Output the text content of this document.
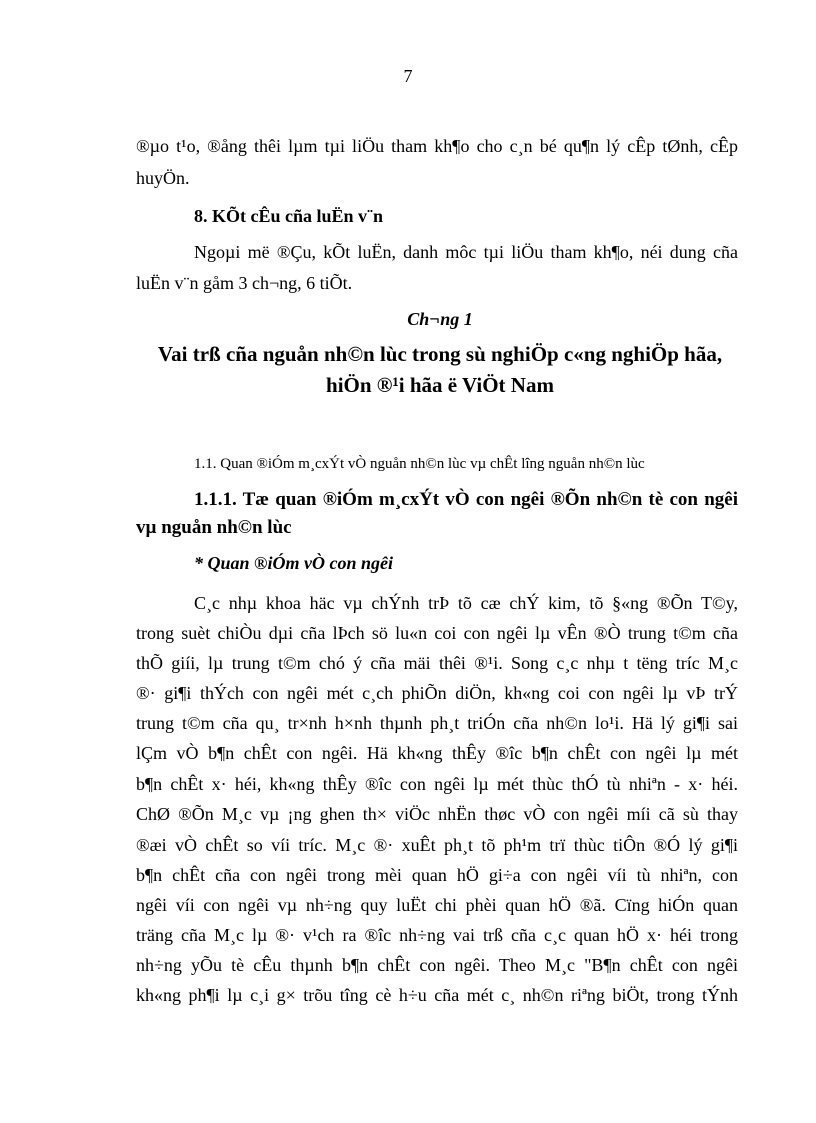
7
®µo t¹o, ®ång thêi lµm tµi liÖu tham kh¶o cho c¸n bé qu¶n lý cÊp tØnh, cÊp
huyÖn.
8. KÕt cÊu cña luËn v¨n
Ngoµi më ®Çu, kÕt luËn, danh môc tµi liÖu tham kh¶o, néi dung cña
luËn v¨n gåm 3 ch¬ng, 6 tiÕt.
Ch¬ng 1
Vai trß cña nguån nh©n lùc trong sù nghiÖp c«ng nghiÖp hãa,
hiÖn ®¹i hãa ë ViÖt Nam
1.1. Quan ®iÓm m¸cxÝt vÒ nguån nh©n lùc vµ chÊt lîng nguån nh©n lùc
1.1.1. Tæ quan ®iÓm m¸cxÝt vÒ con ngêi ®Õn nh©n tè con ngêi
vµ nguån nh©n lùc
* Quan ®iÓm vÒ con ngêi
C¸c nhµ khoa häc vµ chÝnh trÞ tõ cæ chÝ kim, tõ §«ng ®Õn T©y,
trong suèt chiÒu dµi cña lÞch sö lu«n coi con ngêi lµ vÊn ®Ò trung t©m cña
thÕ giíi, lµ trung t©m chó ý cña mäi thêi ®¹i. Song c¸c nhµ t tëng tríc M¸c
®· gi¶i thÝch con ngêi mét c¸ch phiÕn diÖn, kh«ng coi con ngêi lµ vÞ trÝ
trung t©m cña qu¸ tr×nh h×nh thµnh ph¸t triÓn cña nh©n lo¹i. Hä lý gi¶i sai
lÇm vÒ b¶n chÊt con ngêi. Hä kh«ng thÊy ®îc b¶n chÊt con ngêi lµ mét
b¶n chÊt x· héi, kh«ng thÊy ®îc con ngêi lµ mét thùc thÓ tù nhiªn - x· héi.
ChØ ®Õn M¸c vµ ¡ng ghen th× viÖc nhËn thøc vÒ con ngêi míi cã sù thay
®æi vÒ chÊt so víi tríc. M¸c ®· xuÊt ph¸t tõ ph¹m trï thùc tiÔn ®Ó lý gi¶i
b¶n chÊt cña con ngêi trong mèi quan hÖ gi÷a con ngêi víi tù nhiªn, con
ngêi víi con ngêi vµ nh÷ng quy luËt chi phèi quan hÖ ®ã. Cïng hiÓn quan
träng cña M¸c lµ ®· v¹ch ra ®îc nh÷ng vai trß cña c¸c quan hÖ x· héi trong
nh÷ng yÕu tè cÊu thµnh b¶n chÊt con ngêi. Theo M¸c "B¶n chÊt con ngêi
kh«ng ph¶i lµ c¸i g× trõu tîng cè h÷u cña mét c¸ nh©n riªng biÖt, trong tÝnh
